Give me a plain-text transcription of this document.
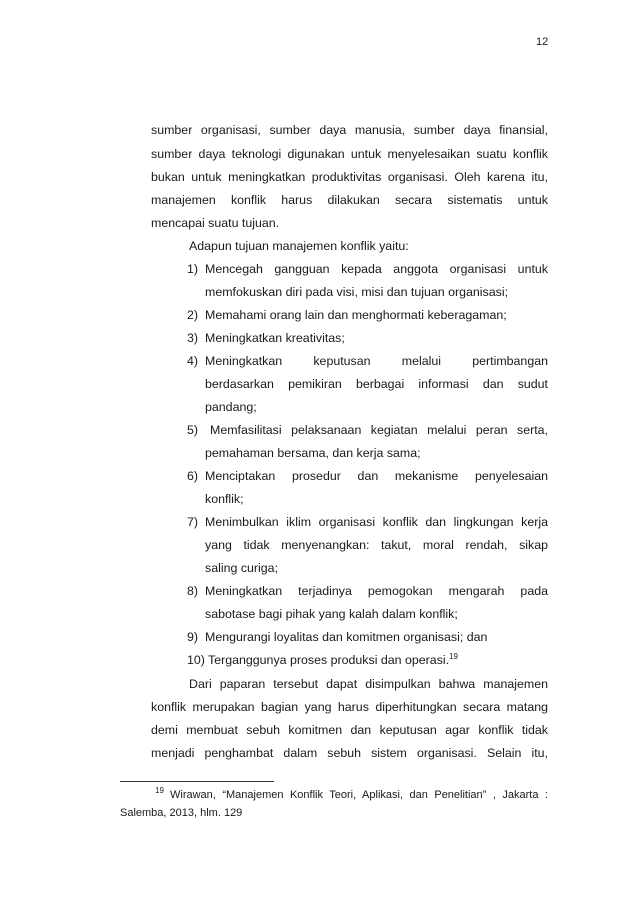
12
sumber organisasi, sumber daya manusia, sumber daya finansial,
sumber daya teknologi digunakan untuk menyelesaikan suatu konflik
bukan untuk meningkatkan produktivitas organisasi. Oleh karena itu,
manajemen konflik harus dilakukan secara sistematis untuk
mencapai suatu tujuan.
Adapun tujuan manajemen konflik yaitu:
1) Mencegah gangguan kepada anggota organisasi untuk
memfokuskan diri pada visi, misi dan tujuan organisasi;
2) Memahami orang lain dan menghormati keberagaman;
3) Meningkatkan kreativitas;
4) Meningkatkan keputusan melalui pertimbangan
berdasarkan pemikiran berbagai informasi dan sudut
pandang;
5) Memfasilitasi pelaksanaan kegiatan melalui peran serta,
pemahaman bersama, dan kerja sama;
6) Menciptakan prosedur dan mekanisme penyelesaian
konflik;
7) Menimbulkan iklim organisasi konflik dan lingkungan kerja
yang tidak menyenangkan: takut, moral rendah, sikap
saling curiga;
8) Meningkatkan terjadinya pemogokan mengarah pada
sabotase bagi pihak yang kalah dalam konflik;
9) Mengurangi loyalitas dan komitmen organisasi; dan
10) Terganggunya proses produksi dan operasi.$^{19}$
Dari paparan tersebut dapat disimpulkan bahwa manajemen
konflik merupakan bagian yang harus diperhitungkan secara matang
demi membuat sebuh komitmen dan keputusan agar konflik tidak
menjadi penghambat dalam sebuh sistem organisasi. Selain itu,
19 Wirawan, “Manajemen Konflik Teori, Aplikasi, dan Penelitian” , Jakarta :
Salemba, 2013, hlm. 129
